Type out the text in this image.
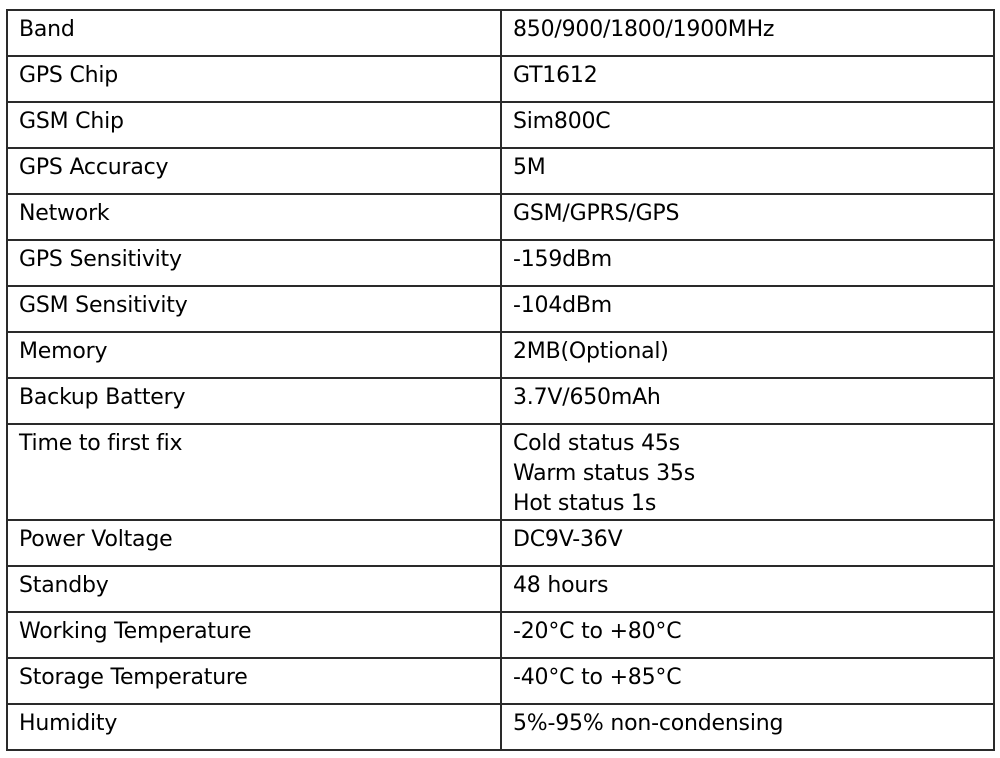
Band	850/900/1800/1900MHz
GPS Chip	GT1612
GSM Chip	Sim800C
GPS Accuracy	5M
Network	GSM/GPRS/GPS
GPS Sensitivity	-159dBm
GSM Sensitivity	-104dBm
Memory	2MB(Optional)
Backup Battery	3.7V/650mAh
Time to first fix	Cold status 45s
Warm status 35s
Hot status 1s

Power Voltage	DC9V-36V
Standby	48 hours
Working Temperature	-20°C to +80°C
Storage Temperature	-40°C to +85°C
Humidity	5%-95% non-condensing
